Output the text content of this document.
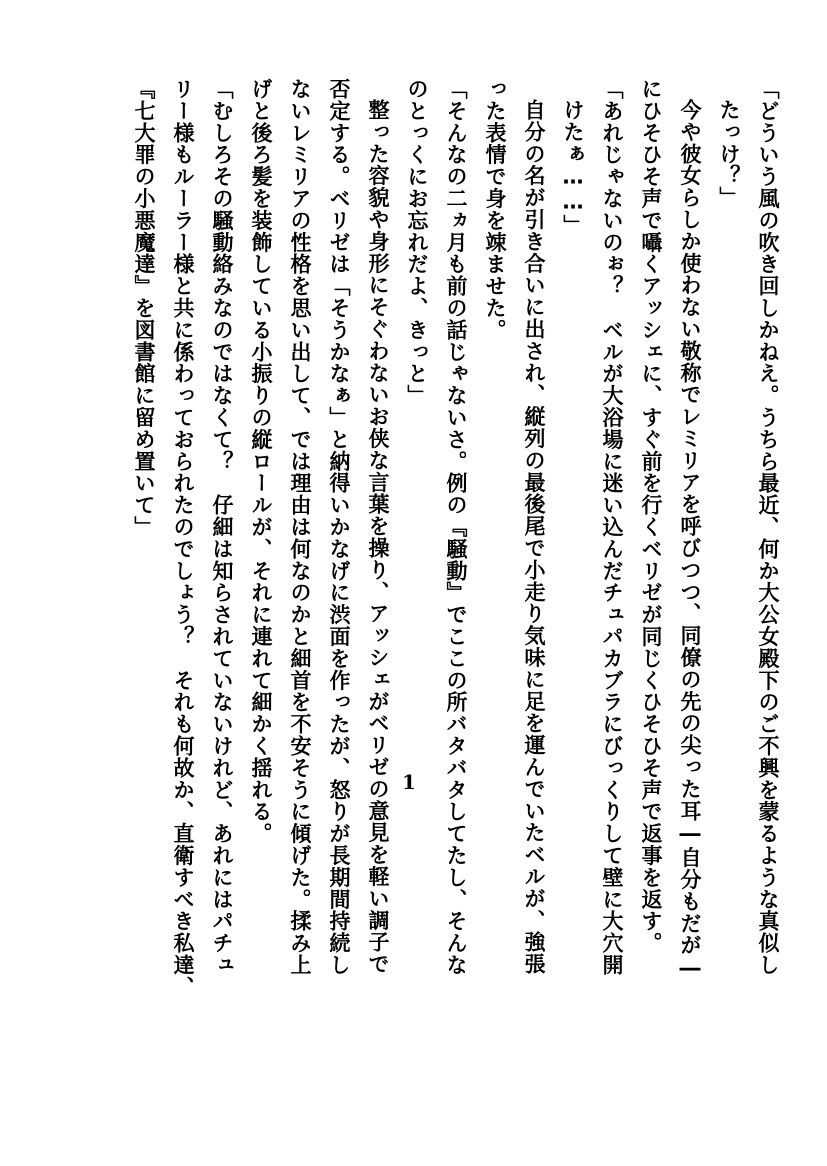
「どういう風の吹き回しかねえ。うちら最近、何か大公女殿下のご不興を蒙るような真似し
たっけ？」
今や彼女らしか使わない敬称でレミリアを呼びつつ、同僚の先の尖った耳―自分もだが―
にひそひそ声で囁くアッシェに、すぐ前を行くベリゼが同じくひそひそ声で返事を返す。
「あれじゃないのぉ？　ベルが大浴場に迷い込んだチュパカブラにびっくりして壁に大穴開
けたぁ……」
自分の名が引き合いに出され、縦列の最後尾で小走り気味に足を運んでいたベルが、強張
った表情で身を竦ませた。
「そんなの二ヵ月も前の話じゃないさ。例の『騒動』でここの所バタバタしてたし、そんな
のとっくにお忘れだよ、きっと」
整った容貌や身形にそぐわないお侠な言葉を操り、アッシェがベリゼの意見を軽い調子で
否定する。ベリゼは「そうかなぁ」と納得いかなげに渋面を作ったが、怒りが長期間持続し
ないレミリアの性格を思い出して、では理由は何なのかと細首を不安そうに傾げた。揉み上
げと後ろ髪を装飾している小振りの縦ロールが、それに連れて細かく揺れる。
「むしろその騒動絡みなのではなくて？　仔細は知らされていないけれど、あれにはパチュ
リー様もルーラー様と共に係わっておられたのでしょう？　それも何故か、直衛すべき私達、
『七大罪の小悪魔達』を図書館に留め置いて」
1
